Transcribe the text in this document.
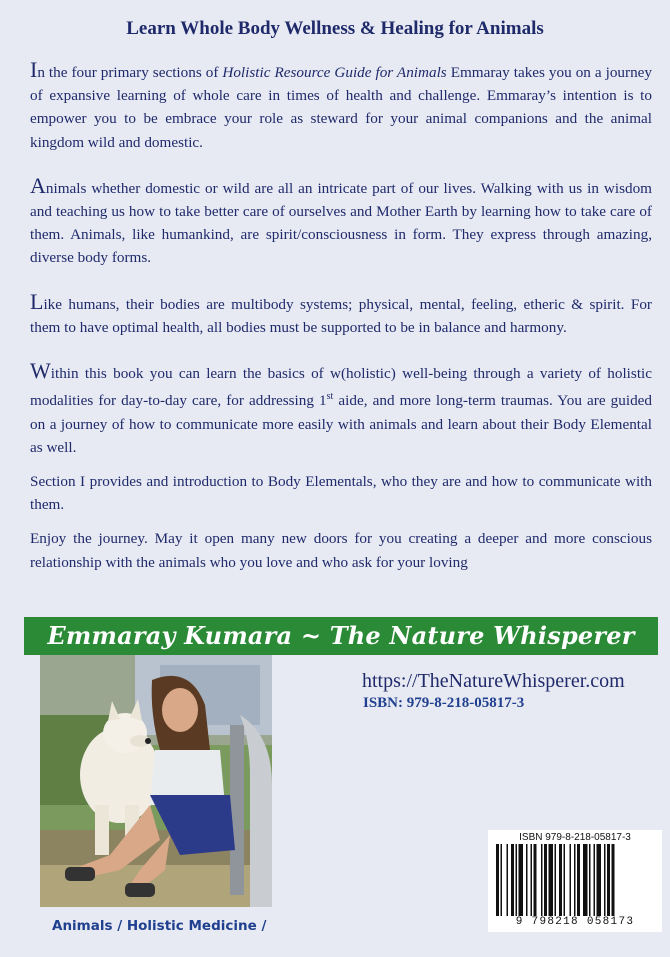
Learn Whole Body Wellness & Healing for Animals

In the four primary sections of Holistic Resource Guide for Animals Emmaray takes you on a journey of expansive learning of whole care in times of health and challenge. Emmaray’s intention is to empower you to be embrace your role as steward for your animal companions and the animal kingdom wild and domestic.

Animals whether domestic or wild are all an intricate part of our lives. Walking with us in wisdom and teaching us how to take better care of ourselves and Mother Earth by learning how to take care of them. Animals, like humankind, are spirit/consciousness in form. They express through amazing, diverse body forms.

Like humans, their bodies are multibody systems; physical, mental, feeling, etheric & spirit. For them to have optimal health, all bodies must be supported to be in balance and harmony.

Within this book you can learn the basics of w(holistic) well-being through a variety of holistic modalities for day-to-day care, for addressing 1st aide, and more long-term traumas. You are guided on a journey of how to communicate more easily with animals and learn about their Body Elemental as well.

Section I provides and introduction to Body Elementals, who they are and how to communicate with them.

Enjoy the journey. May it open many new doors for you creating a deeper and more conscious relationship with the animals who you love and who ask for your loving

Emmaray Kumara ~ The Nature Whisperer
https://TheNatureWhisperer.com
ISBN: 979-8-218-05817-3
ISBN 979-8-218-05817-3
9 798218 058173
Animals / Holistic Medicine /
